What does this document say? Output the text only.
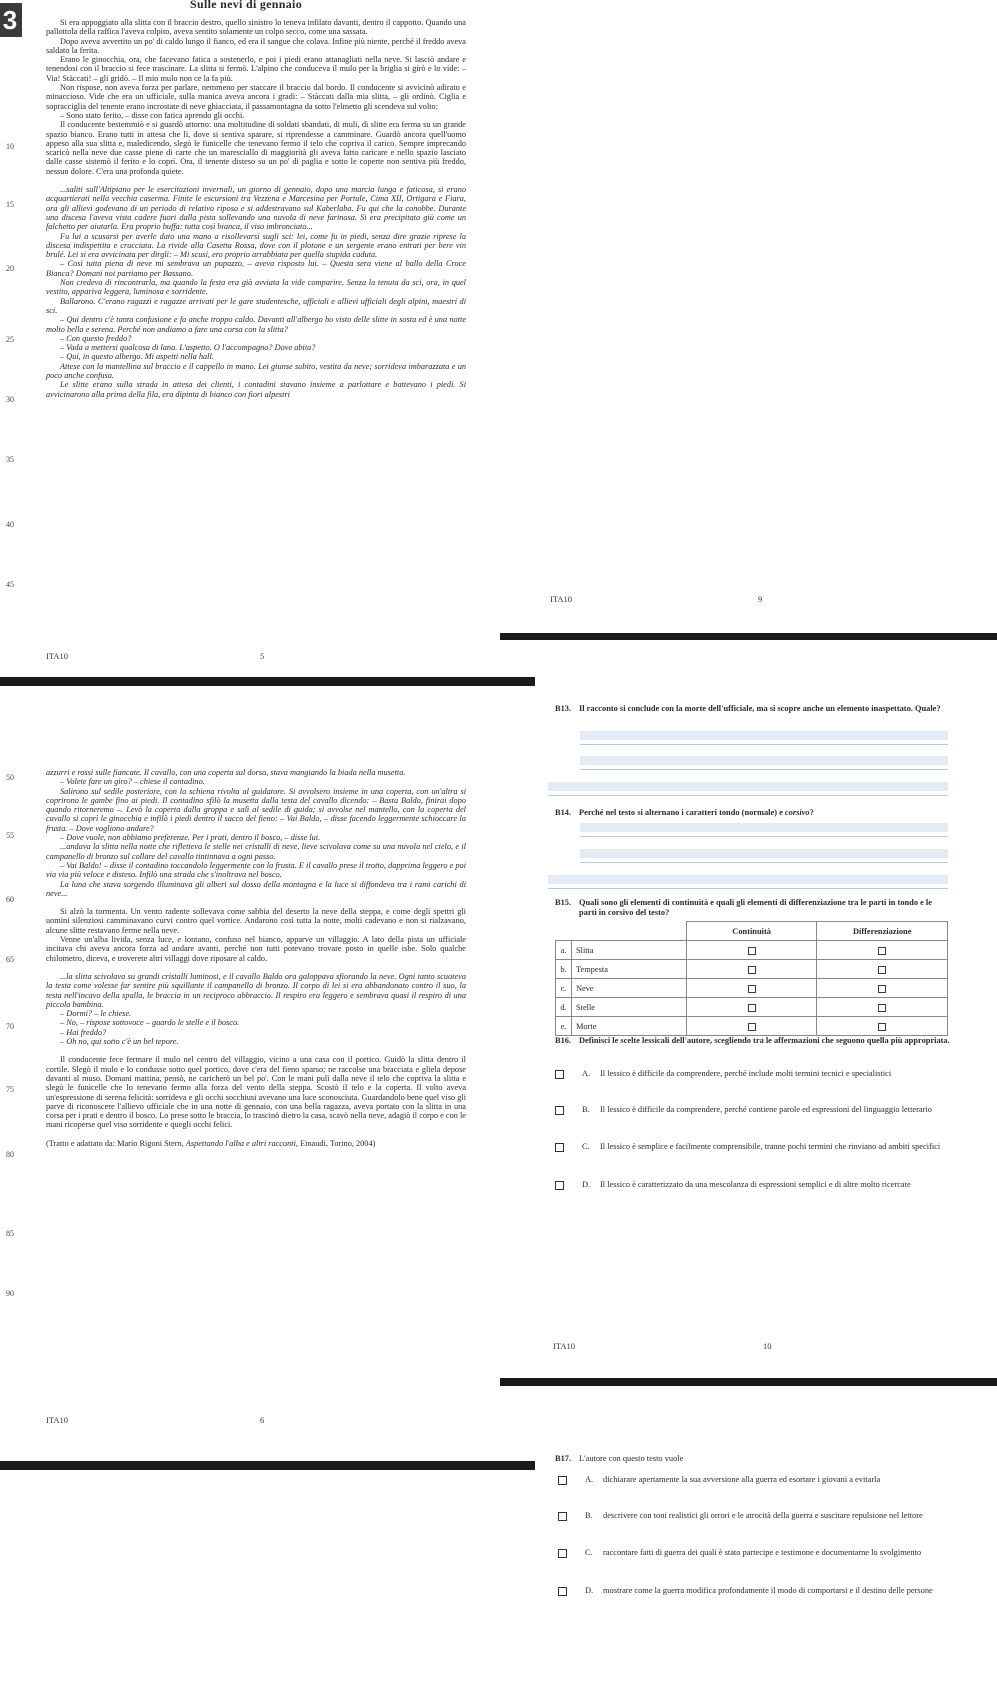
Sulle nevi di gennaio
3	Si era appoggiato alla slitta con il braccio destro, quello sinistro lo teneva infilato davanti, dentro il cappotto. Quando una pallottola della raffica l'aveva colpito, aveva sentito solamente un colpo secco, come una sassata.

Dopo aveva avvertito un po' di caldo lungo il fianco, ed era il sangue che colava. Infine più niente, perché il freddo aveva saldato la ferita.

Erano le ginocchia, ora, che facevano fatica a sostenerlo, e poi i piedi erano attanagliati nella neve. Si lasciò andare e tenendosi con il braccio si fece trascinare. La slitta si fermò. L'alpino che conduceva il mulo per la briglia si girò e lo vide: – Via! Stàccati! – gli gridò. – Il mio mulo non ce la fa più.

Non rispose, non aveva forza per parlare, nemmeno per staccare il braccio dal bordo. Il conducente si avvicinò adirato e minaccioso. Vide che era un ufficiale, sulla manica aveva ancora i gradi: – Stàccati dalla mia slitta, – gli ordinò. Ciglia e sopracciglia del tenente erano incrostate di neve ghiacciata, il passamontagna da sotto l'elmetto gli scendeva sul volto:

– Sono stato ferito, – disse con fatica aprendo gli occhi.

Il conducente bestemmiò e si guardò attorno: una moltitudine di soldati sbandati, di muli, di slitte era ferma su un grande spazio bianco. Erano tutti in attesa che lì, dove si sentiva sparare, si riprendesse a camminare. Guardò ancora quell'uomo appeso alla sua slitta e, maledicendo, slegò le funicelle che tenevano fermo il telo che copriva il carico. Sempre imprecando scaricò nella neve due casse piene di carte che un maresciallo di maggiorità gli aveva fatto caricare e nello spazio lasciato dalle casse sistemò il ferito e lo coprì. Ora, il tenente disteso su un po' di paglia e sotto le coperte non sentiva più freddo, nessun dolore. C'era una profonda quiete.

...saliti sull'Altipiano per le esercitazioni invernali, un giorno di gennaio, dopo una marcia lunga e faticosa, si erano acquartierati nella vecchia caserma. Finite le escursioni tra Vezzena e Marcesina per Portule, Cima XII, Ortigara e Fiara, ora gli allievi godevano di un periodo di relativo riposo e si addestravano sul Kaberlaba. Fu qui che la conobbe. Durante una discesa l'aveva vista cadere fuori dalla pista sollevando una nuvola di neve farinosa. Si era precipitato giù come un falchetto per aiutarla. Era proprio buffa: tutta così bianca, il viso imbronciato...

Fu lui a scusarsi per averle dato una mano a risollevarsi sugli sci: lei, come fu in piedi, senza dire grazie riprese la discesa indispettita e crucciata. La rivide alla Casetta Rossa, dove con il plotone e un sergente erano entrati per bere vin brulé. Lei si era avvicinata per dirgli: – Mi scusi, ero proprio arrabbiata per quella stupida caduta.

– Così tutta piena di neve mi sembrava un pupazzo, – aveva risposto lui. – Questa sera viene al ballo della Croce Bianca? Domani noi partiamo per Bassano.

Non credeva di rincontrarla, ma quando la festa era già avviata la vide comparire. Senza la tenuta da sci, ora, in quel vestito, appariva leggera, luminosa e sorridente.

Ballarono. C'erano ragazzi e ragazze arrivati per le gare studentesche, ufficiali e allievi ufficiali degli alpini, maestri di sci.

– Qui dentro c'è tanta confusione e fa anche troppo caldo. Davanti all'albergo ho visto delle slitte in sosta ed è una notte molto bella e serena. Perché non andiamo a fare una corsa con la slitta?

– Con questo freddo?

– Vada a mettersi qualcosa di lana. L'aspetto. O l'accompagno? Dove abita?

– Qui, in questo albergo. Mi aspetti nella hall.

Attese con la mantellina sul braccio e il cappello in mano. Lei giunse subito, vestita da neve; sorrideva imbarazzata e un poco anche confusa.

Le slitte erano sulla strada in attesa dei clienti, i contadini stavano insieme a parlottare e battevano i piedi. Si avvicinarono alla prima della fila, era dipinta di bianco con fiori alpestri

10
15
20
25
30
35
40
45
ITA10	5
ITA10	9

azzurri e rossi sulle fiancate. Il cavallo, con una coperta sul dorso, stava mangiando la biada nella musetta.

– Volete fare un giro? – chiese il contadino.

Salirono sul sedile posteriore, con la schiena rivolta al guidatore. Si avvolsero insieme in una coperta, con un'altra si coprirono le gambe fino ai piedi. Il contadino sfilò la musetta dalla testa del cavallo dicendo: – Basta Baldo, finirai dopo quando ritorneremo –. Levò la coperta dalla groppa e salì al sedile di guida; si avvolse nel mantello, con la coperta del cavallo si coprì le ginocchia e infilò i piedi dentro il sacco del fieno: – Vai Baldo, – disse facendo leggermente schioccare la frusta. – Dove vogliono andare?

– Dove vuole, non abbiamo preferenze. Per i prati, dentro il bosco, – disse lui.

...andava la slitta nella notte che rifletteva le stelle nei cristalli di neve, lieve scivolava come su una nuvola nel cielo, e il campanello di bronzo sul collare del cavallo tintinnava a ogni passo.

– Vai Baldo! – disse il contadino toccandolo leggermente con la frusta. E il cavallo prese il trotto, dapprima leggero e poi via via più veloce e disteso. Infilò una strada che s'inoltrava nel bosco.

La luna che stava sorgendo illuminava gli alberi sul dosso della montagna e la luce si diffondeva tra i rami carichi di neve...

Si alzò la tormenta. Un vento radente sollevava come sabbia del deserto la neve della steppa, e come degli spettri gli uomini silenziosi camminavano curvi contro quel vortice. Andarono così tutta la notte, molti cadevano e non si rialzavano, alcune slitte restavano ferme nella neve.

Venne un'alba livida, senza luce, e lontano, confuso nel bianco, apparve un villaggio. A lato della pista un ufficiale incitava chi aveva ancora forza ad andare avanti, perché non tutti potevano trovare posto in quelle isbe. Solo qualche chilometro, diceva, e troverete altri villaggi dove riposare al caldo.

...la slitta scivolava su grandi cristalli luminosi, e il cavallo Baldo ora galoppava sfiorando la neve. Ogni tanto scuoteva la testa come volesse far sentire più squillante il campanello di bronzo. Il corpo di lei si era abbandonato contro il suo, la testa nell'incavo della spalla, le braccia in un reciproco abbraccio. Il respiro era leggero e sembrava quasi il respiro di una piccola bambina.

– Dormi? – le chiese.

– No, – rispose sottovoce – guardo le stelle e il bosco.

– Hai freddo?

– Oh no, qui sotto c'è un bel tepore.

Il conducente fece fermare il mulo nel centro del villaggio, vicino a una casa con il portico. Guidò la slitta dentro il cortile. Slegò il mulo e lo condusse sotto quel portico, dove c'era del fieno sparso; ne raccolse una bracciata e gliela depose davanti al muso. Domani mattina, pensò, ne caricherò un bel po'. Con le mani pulì dalla neve il telo che copriva la slitta e slegò le funicelle che lo tenevano fermo alla forza del vento della steppa. Scostò il telo e la coperta. Il volto aveva un'espressione di serena felicità: sorrideva e gli occhi socchiusi avevano una luce sconosciuta. Guardandolo bene quel viso gli parve di riconoscere l'allievo ufficiale che in una notte di gennaio, con una bella ragazza, aveva portato con la slitta in una corsa per i prati e dentro il bosco. Lo prese sotto le braccia, lo trascinò dietro la casa, scavò nella neve, adagiò il corpo e con le mani ricoperse quel viso sorridente e quegli occhi felici.

(Tratto e adattato da: Mario Rigoni Stern, Aspettando l'alba e altri racconti, Einaudi, Torino, 2004)

50
55
60
65
70
75
80
85
90
ITA10	6
B13. Il racconto si conclude con la morte dell'ufficiale, ma si scopre anche un elemento inaspettato. Quale?
B14. Perché nel testo si alternano i caratteri tondo (normale) e corsivo?
B15. Quali sono gli elementi di continuità e quali gli elementi di differenziazione tra le parti in tondo e le parti in corsivo del testo?
		Continuità	Differenziazione
a.	Slitta		
b.	Tempesta		
c.	Neve		
d.	Stelle		
e.	Morte		
B16. Definisci le scelte lessicali dell'autore, scegliendo tra le affermazioni che seguono quella più appropriata.
A. Il lessico è difficile da comprendere, perché include molti termini tecnici e specialistici
B. Il lessico è difficile da comprendere, perché contiene parole ed espressioni del linguaggio letterario
C. Il lessico è semplice e facilmente comprensibile, tranne pochi termini che rinviano ad ambiti specifici
D. Il lessico è caratterizzato da una mescolanza di espressioni semplici e di altre molto ricercate
ITA10	10
B17. L'autore con questo testo vuole
A. dichiarare apertamente la sua avversione alla guerra ed esortare i giovani a evitarla
B. descrivere con toni realistici gli orrori e le atrocità della guerra e suscitare repulsione nel lettore
C. raccontare fatti di guerra dei quali è stato partecipe e testimone e documentarne lo svolgimento
D. mostrare come la guerra modifica profondamente il modo di comportarsi e il destino delle persone
